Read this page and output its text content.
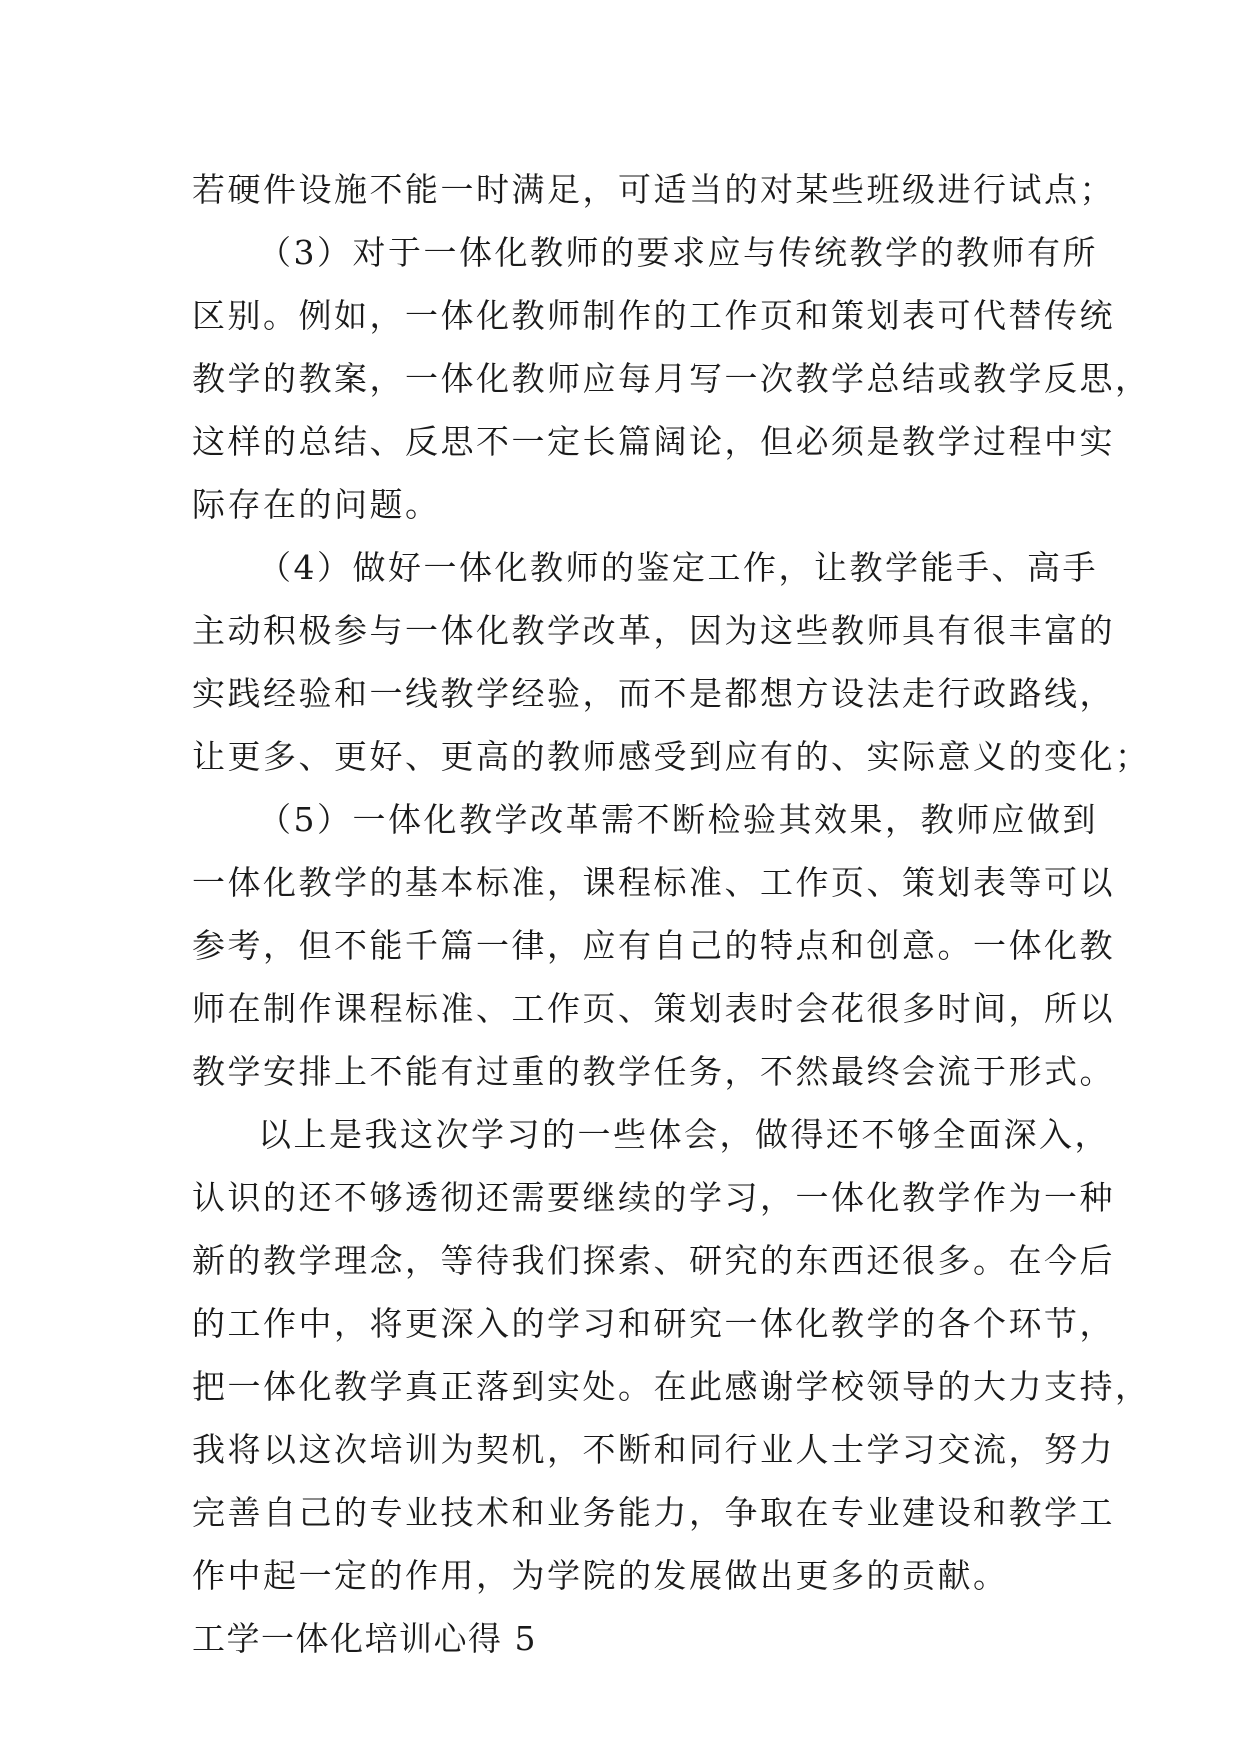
若硬件设施不能一时满足，可适当的对某些班级进行试点；
（3）对于一体化教师的要求应与传统教学的教师有所
区别。例如，一体化教师制作的工作页和策划表可代替传统
教学的教案，一体化教师应每月写一次教学总结或教学反思，
这样的总结、反思不一定长篇阔论，但必须是教学过程中实
际存在的问题。
（4）做好一体化教师的鉴定工作，让教学能手、高手
主动积极参与一体化教学改革，因为这些教师具有很丰富的
实践经验和一线教学经验，而不是都想方设法走行政路线，
让更多、更好、更高的教师感受到应有的、实际意义的变化；
（5）一体化教学改革需不断检验其效果，教师应做到
一体化教学的基本标准，课程标准、工作页、策划表等可以
参考，但不能千篇一律，应有自己的特点和创意。一体化教
师在制作课程标准、工作页、策划表时会花很多时间，所以
教学安排上不能有过重的教学任务，不然最终会流于形式。
以上是我这次学习的一些体会，做得还不够全面深入，
认识的还不够透彻还需要继续的学习，一体化教学作为一种
新的教学理念，等待我们探索、研究的东西还很多。在今后
的工作中，将更深入的学习和研究一体化教学的各个环节，
把一体化教学真正落到实处。在此感谢学校领导的大力支持，
我将以这次培训为契机，不断和同行业人士学习交流，努力
完善自己的专业技术和业务能力，争取在专业建设和教学工
作中起一定的作用，为学院的发展做出更多的贡献。
工学一体化培训心得 5
